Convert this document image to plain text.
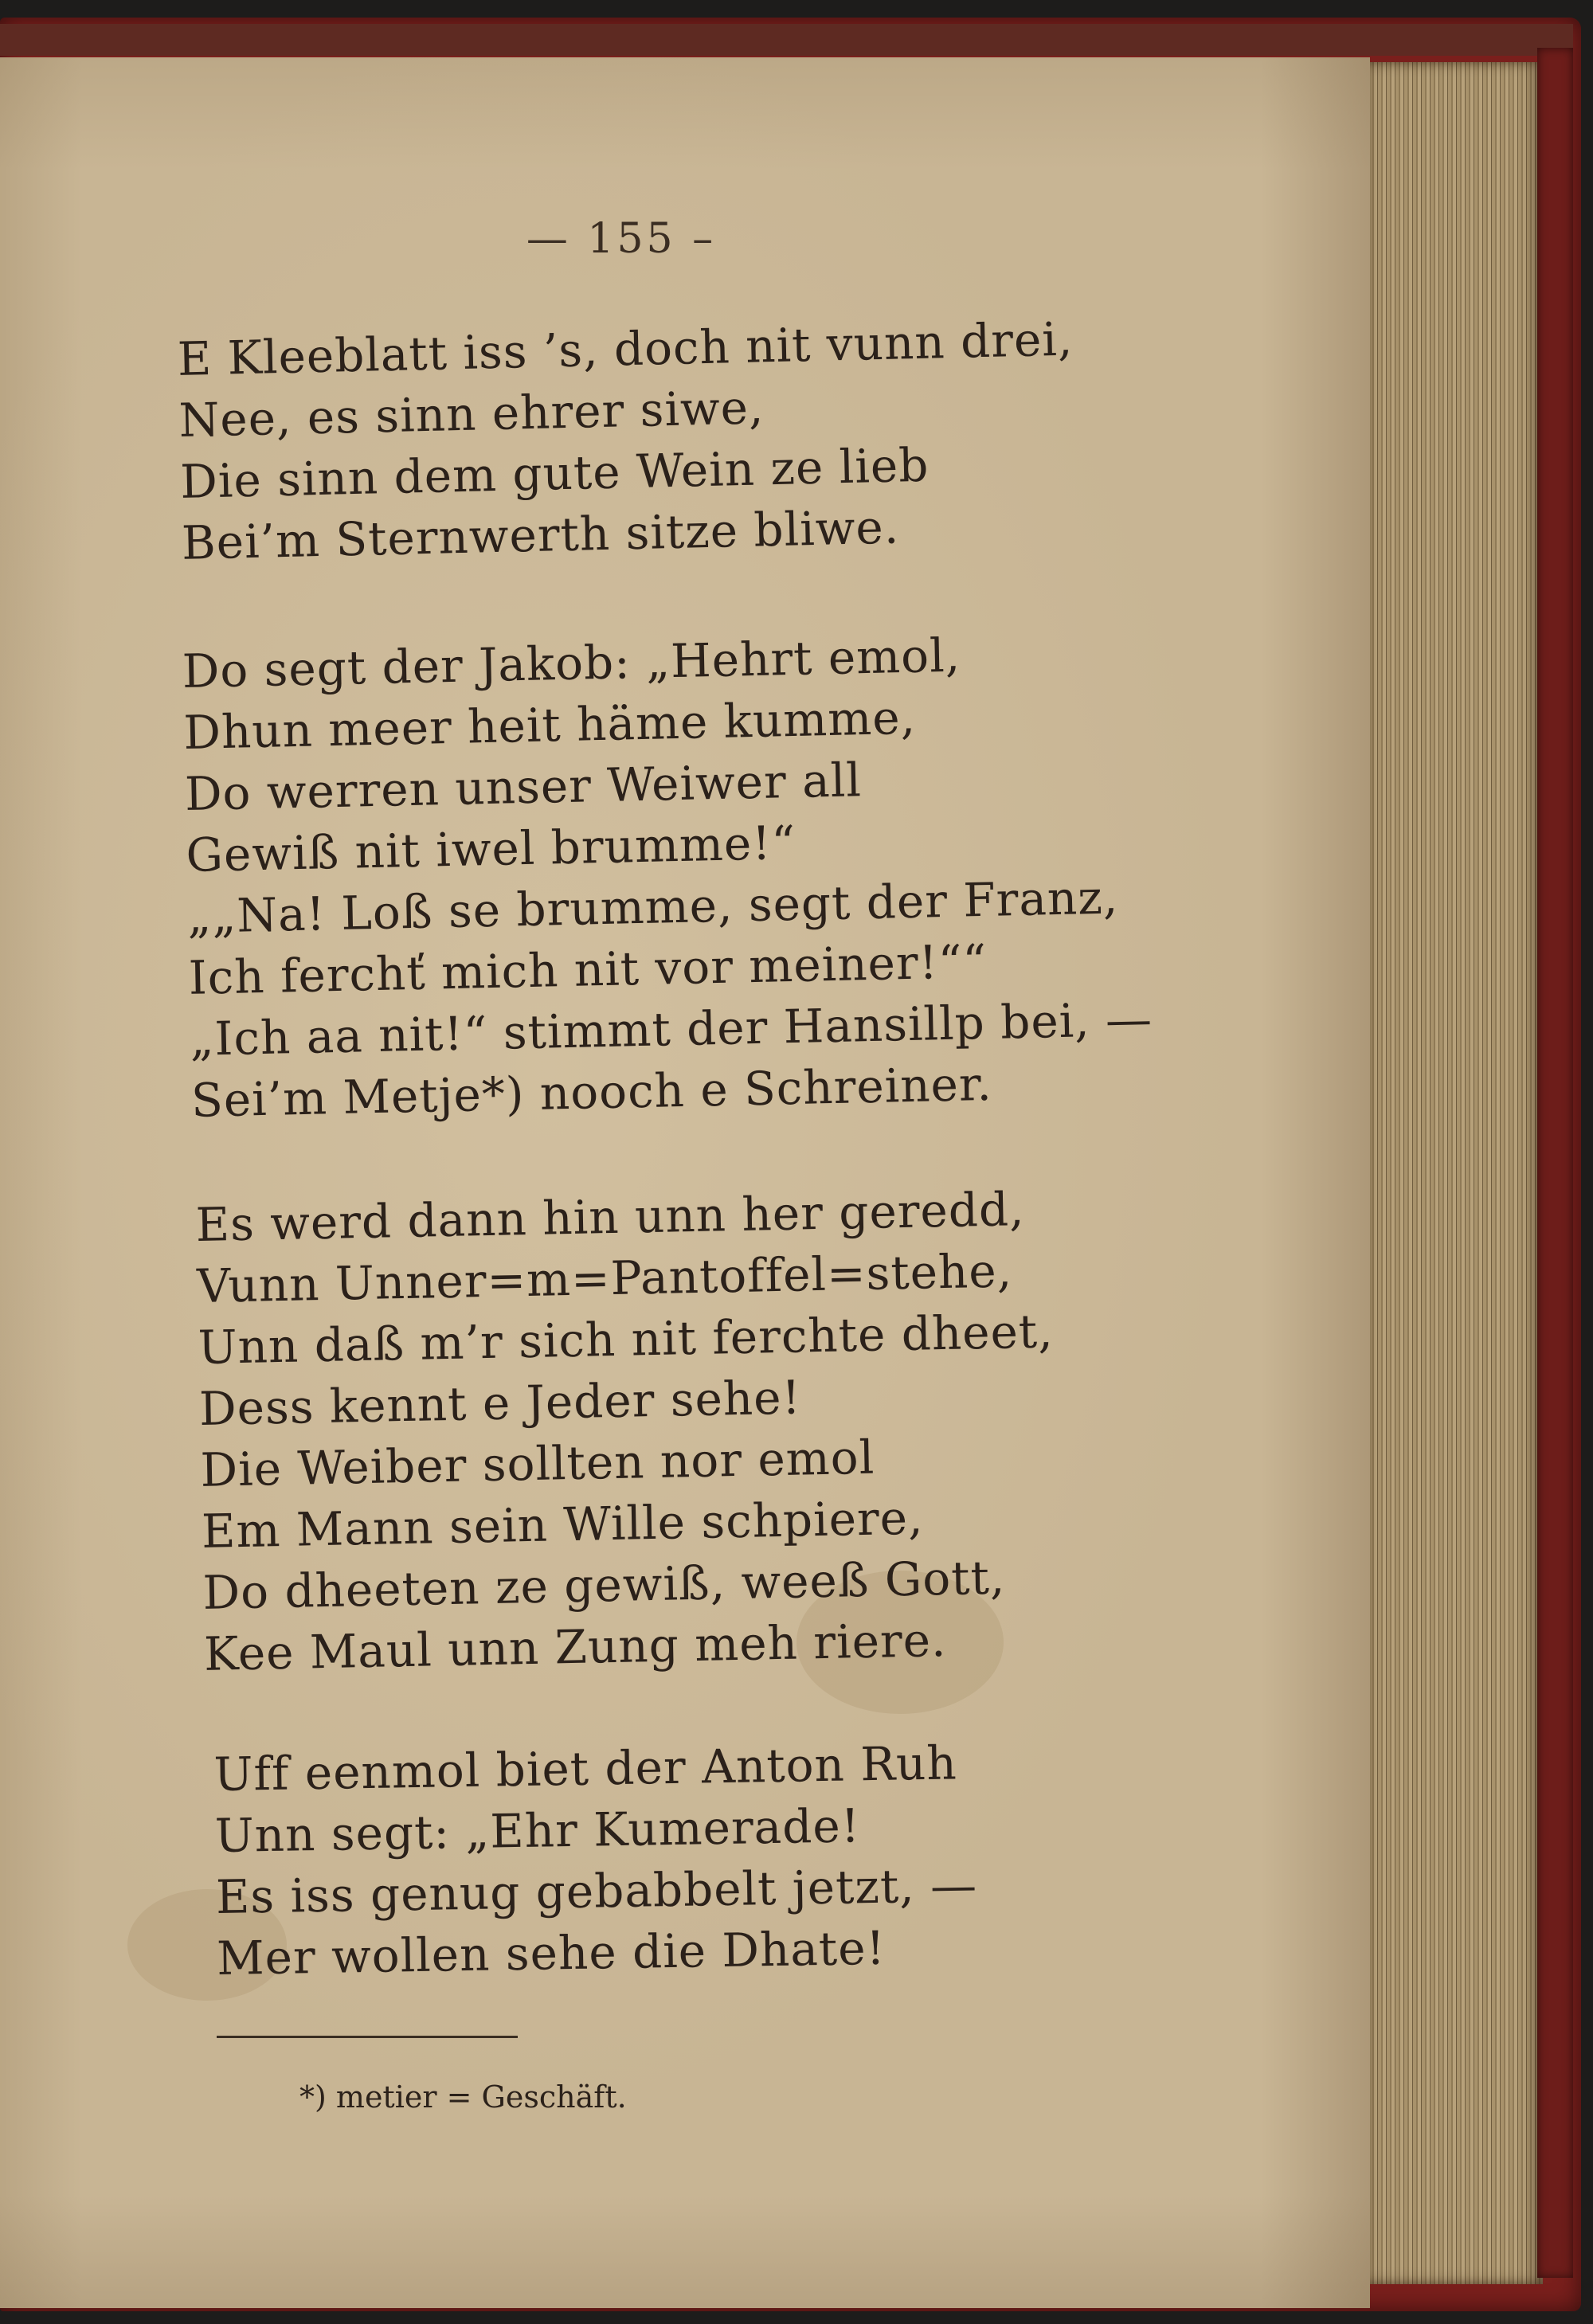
— 155 –
E Kleeblatt iss ’s, doch nit vunn drei,
Nee, es sinn ehrer siwe,
Die sinn dem gute Wein ze lieb
Bei’m Sternwerth sitze bliwe.
Do segt der Jakob: „Hehrt emol,
Dhun meer heit häme kumme,
Do werren unser Weiwer all
Gewiß nit iwel brumme!“
„„Na! Loß se brumme, segt der Franz,
Ich ferchť mich nit vor meiner!““
„Ich aa nit!“ stimmt der Hansillp bei, —
Sei’m Metje*) nooch e Schreiner.
Es werd dann hin unn her geredd,
Vunn Unner=m=Pantoffel=stehe,
Unn daß m’r sich nit ferchte dheet,
Dess kennt e Jeder sehe!
Die Weiber sollten nor emol
Em Mann sein Wille schpiere,
Do dheeten ze gewiß, weeß Gott,
Kee Maul unn Zung meh riere.
Uff eenmol biet der Anton Ruh
Unn segt: „Ehr Kumerade!
Es iss genug gebabbelt jetzt, —
Mer wollen sehe die Dhate!
*) metier = Geschäft.
